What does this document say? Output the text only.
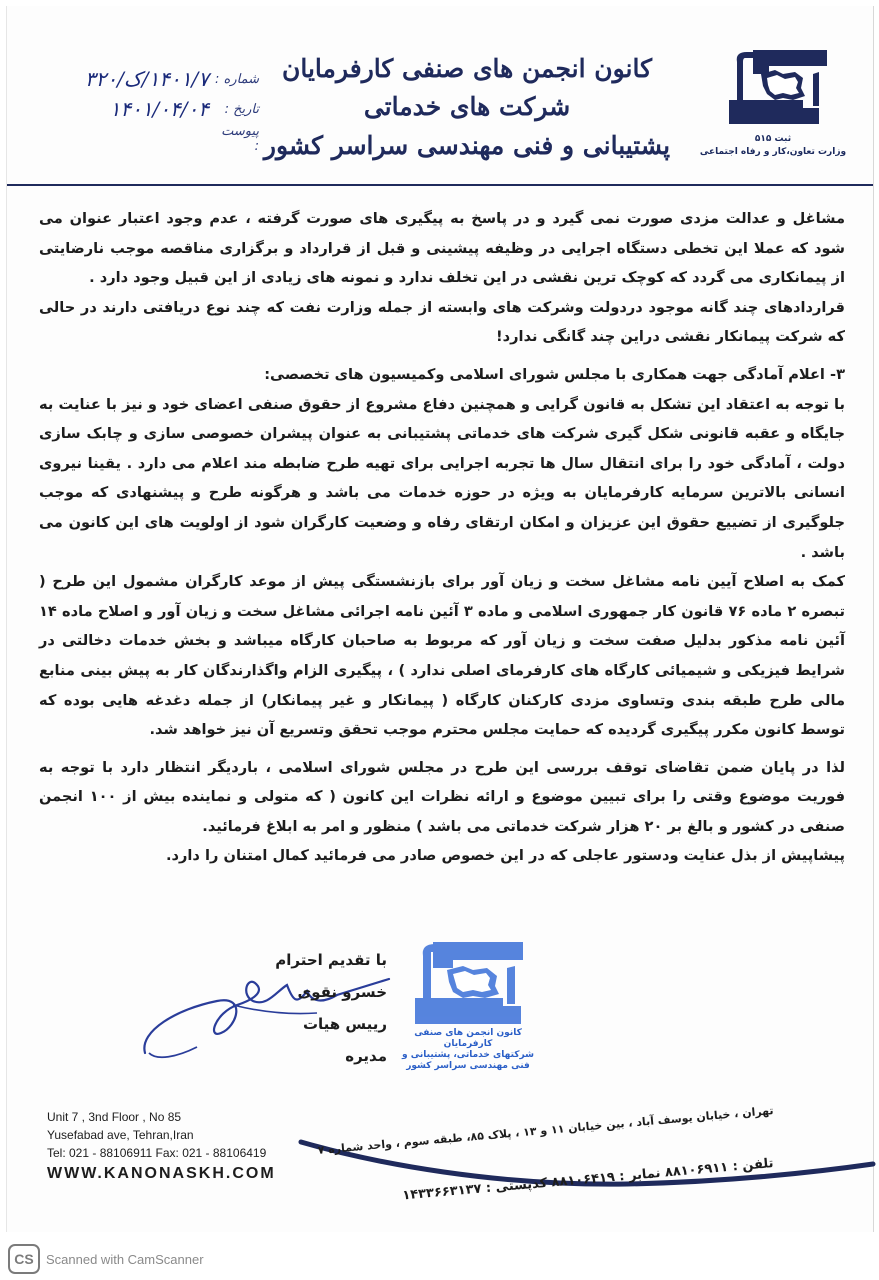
ثبت ۵۱۵
وزارت تعاون،کار و رفاه اجتماعی
کانون انجمن های صنفی کارفرمایان شرکت های خدماتی
پشتیبانی و فنی مهندسی سراسر کشور
شماره :
۱۴۰۱/۷/ک/۳۲۰
تاریخ :
۱۴۰۱/۰۴/۰۴
پیوست :

مشاغل و عدالت مزدی صورت نمی گیرد و در پاسخ به پیگیری های صورت گرفته ، عدم وجود اعتبار عنوان می شود که عملا این تخطی دستگاه اجرایی در وظیفه پیشینی و قبل از قرارداد و برگزاری مناقصه موجب نارضایتی از پیمانکاری می گردد که کوچک ترین نقشی در این تخلف ندارد و نمونه های زیادی از این قبیل وجود دارد .

قراردادهای چند گانه موجود دردولت وشرکت های وابسته از جمله وزارت نفت که چند نوع دریافتی دارند در حالی که شرکت پیمانکار نقشی دراین چند گانگی ندارد!

۳- اعلام آمادگی جهت همکاری با مجلس شورای اسلامی وکمیسیون های تخصصی:

با توجه به اعتقاد این تشکل به قانون گرایی و همچنین دفاع مشروع از حقوق صنفی اعضای خود و نیز با عنایت به جایگاه و عقبه قانونی شکل گیری شرکت های خدماتی پشتیبانی به عنوان پیشران خصوصی سازی و چابک سازی دولت ، آمادگی خود را برای انتقال سال ها تجربه اجرایی برای تهیه طرح ضابطه مند اعلام می دارد . یقینا نیروی انسانی بالاترین سرمایه کارفرمایان به ویژه در حوزه خدمات می باشد و هرگونه طرح و پیشنهادی که موجب جلوگیری از تضییع حقوق این عزیزان و امکان ارتقای رفاه و وضعیت کارگران شود از اولویت های این کانون می باشد .

کمک به اصلاح آیین نامه مشاغل سخت و زیان آور برای بازنشستگی پیش از موعد کارگران مشمول این طرح ( تبصره ۲ ماده ۷۶ قانون کار جمهوری اسلامی و ماده ۳ آئین نامه اجرائی مشاغل سخت و زیان آور و اصلاح ماده ۱۴ آئین نامه مذکور بدلیل صفت سخت و زیان آور که مربوط به صاحبان کارگاه میباشد و بخش خدمات دخالتی در شرایط فیزیکی و شیمیائی کارگاه های کارفرمای اصلی ندارد ) ، پیگیری الزام واگذارندگان کار به پیش بینی منابع مالی طرح طبقه بندی وتساوی مزدی کارکنان کارگاه ( پیمانکار و غیر پیمانکار) از جمله دغدغه هایی بوده که توسط کانون مکرر پیگیری گردیده که حمایت مجلس محترم موجب تحقق وتسریع آن نیز خواهد شد.

لذا در پایان ضمن تقاضای توقف بررسی این طرح در مجلس شورای اسلامی ، باردیگر انتظار دارد با توجه به فوریت موضوع وقتی را برای تبیین موضوع و ارائه نظرات این کانون ( که متولی و نماینده بیش از ۱۰۰ انجمن صنفی در کشور و بالغ بر ۲۰ هزار شرکت خدماتی می باشد ) منظور و امر به ابلاغ فرمائید.

پیشاپیش از بذل عنایت ودستور عاجلی که در این خصوص صادر می فرمائید کمال امتنان را دارد.

کانون انجمن های صنفی کارفرمایان
شرکتهای خدماتی، پشتیبانی و
فنی مهندسی سراسر کشور
با تقدیم احترام
خسرو نقوی
رییس هیات مدیره
Unit 7 , 3nd Floor , No 85
Yusefabad ave, Tehran,Iran
Tel: 021 - 88106911 Fax: 021 - 88106419
WWW.KANONASKH.COM
تهران ، خیابان یوسف آباد ، بین خیابان ۱۱ و ۱۳ ، پلاک ۸۵، طبقه سوم ، واحد شماره ۷
تلفن : ۸۸۱۰۶۹۱۱ نمابر : ۸۸۱۰۶۴۱۹ کدپستی : ۱۴۳۳۶۶۳۱۳۷
CS Scanned with CamScanner
